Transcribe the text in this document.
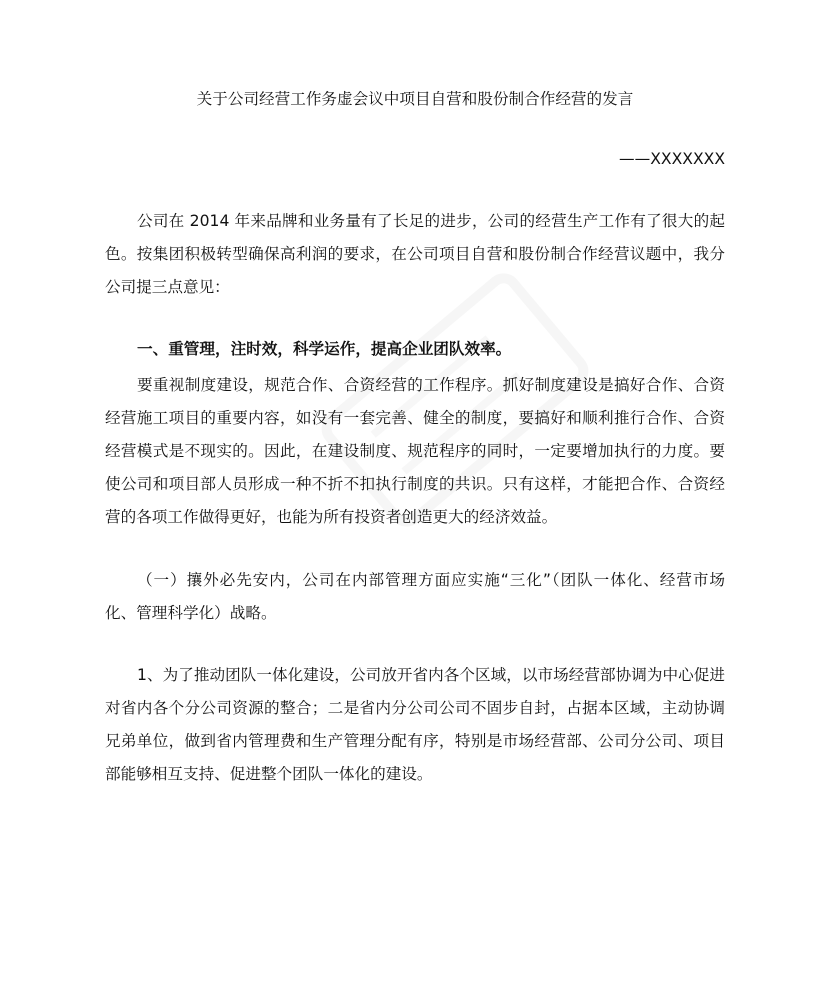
关于公司经营工作务虚会议中项目自营和股份制合作经营的发言
——XXXXXXX
公司在 2014 年来品牌和业务量有了长足的进步，公司的经营生产工作有了很大的起
色。按集团积极转型确保高利润的要求，在公司项目自营和股份制合作经营议题中，我分
公司提三点意见：
一、重管理，注时效，科学运作，提高企业团队效率。
要重视制度建设，规范合作、合资经营的工作程序。抓好制度建设是搞好合作、合资
经营施工项目的重要内容，如没有一套完善、健全的制度，要搞好和顺利推行合作、合资
经营模式是不现实的。因此，在建设制度、规范程序的同时，一定要增加执行的力度。要
使公司和项目部人员形成一种不折不扣执行制度的共识。只有这样，才能把合作、合资经
营的各项工作做得更好，也能为所有投资者创造更大的经济效益。
（一）攘外必先安内，公司在内部管理方面应实施“三化”（团队一体化、经营市场
化、管理科学化）战略。
1、为了推动团队一体化建设，公司放开省内各个区域，以市场经营部协调为中心促进
对省内各个分公司资源的整合；二是省内分公司公司不固步自封，占据本区域，主动协调
兄弟单位，做到省内管理费和生产管理分配有序，特别是市场经营部、公司分公司、项目
部能够相互支持、促进整个团队一体化的建设。
